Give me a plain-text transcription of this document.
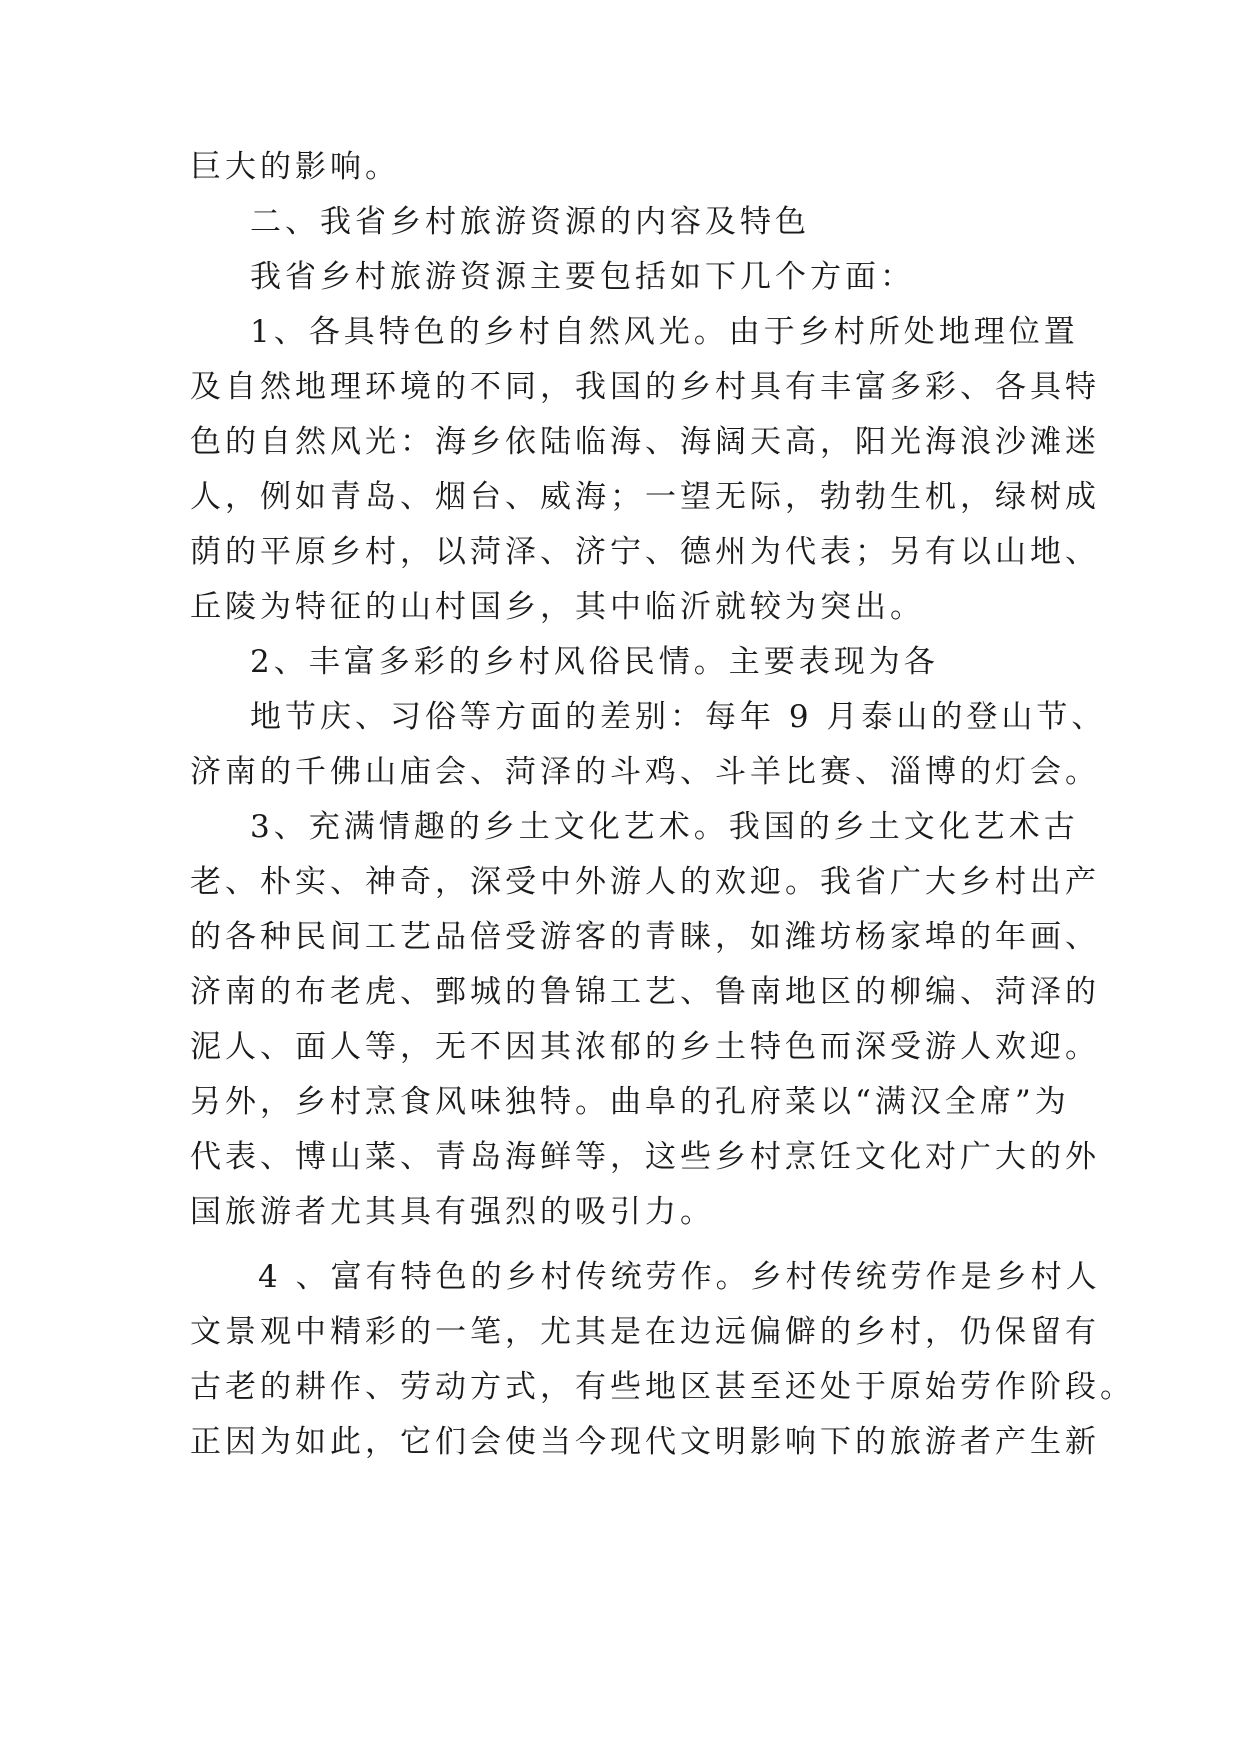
巨大的影响。
二、我省乡村旅游资源的内容及特色
我省乡村旅游资源主要包括如下几个方面：
1、各具特色的乡村自然风光。由于乡村所处地理位置
及自然地理环境的不同，我国的乡村具有丰富多彩、各具特
色的自然风光：海乡依陆临海、海阔天高，阳光海浪沙滩迷
人，例如青岛、烟台、威海；一望无际，勃勃生机，绿树成
荫的平原乡村，以菏泽、济宁、德州为代表；另有以山地、
丘陵为特征的山村国乡，其中临沂就较为突出。
2、丰富多彩的乡村风俗民情。主要表现为各
地节庆、习俗等方面的差别：每年 9 月泰山的登山节、
济南的千佛山庙会、菏泽的斗鸡、斗羊比赛、淄博的灯会。
3、充满情趣的乡土文化艺术。我国的乡土文化艺术古
老、朴实、神奇，深受中外游人的欢迎。我省广大乡村出产
的各种民间工艺品倍受游客的青睐，如潍坊杨家埠的年画、
济南的布老虎、鄄城的鲁锦工艺、鲁南地区的柳编、菏泽的
泥人、面人等，无不因其浓郁的乡土特色而深受游人欢迎。
另外，乡村烹食风味独特。曲阜的孔府菜以“满汉全席”为
代表、博山菜、青岛海鲜等，这些乡村烹饪文化对广大的外
国旅游者尤其具有强烈的吸引力。
4 、富有特色的乡村传统劳作。乡村传统劳作是乡村人
文景观中精彩的一笔，尤其是在边远偏僻的乡村，仍保留有
古老的耕作、劳动方式，有些地区甚至还处于原始劳作阶段。
正因为如此，它们会使当今现代文明影响下的旅游者产生新
